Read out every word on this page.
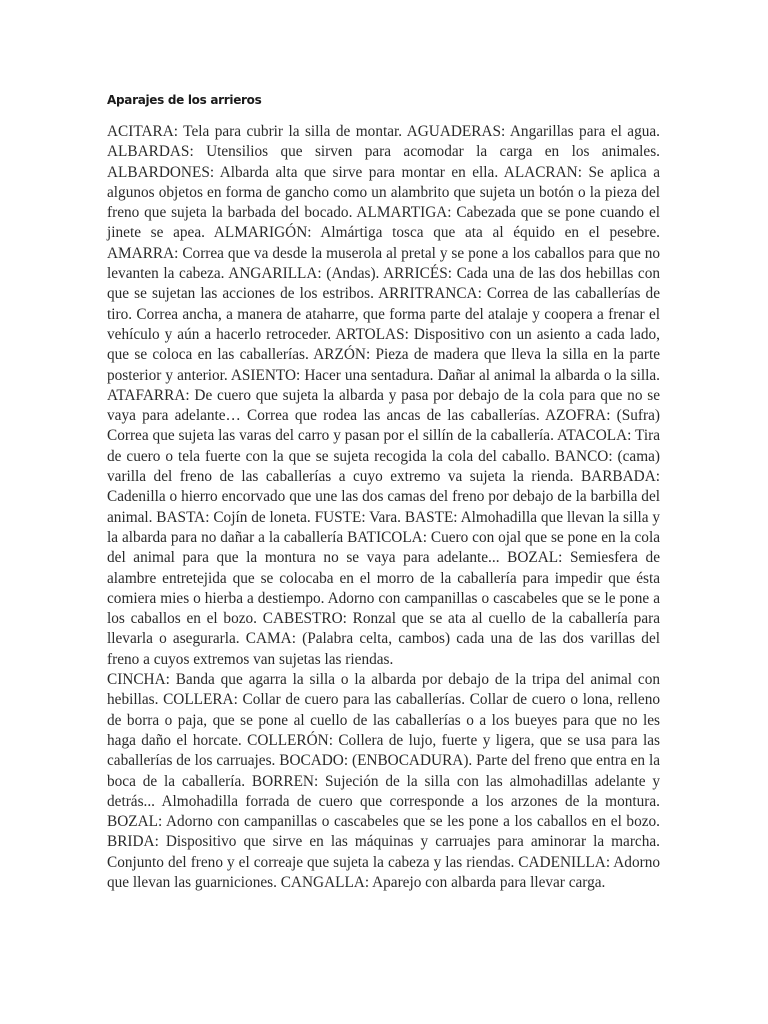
Aparajes de los arrieros

ACITARA: Tela para cubrir la silla de montar. AGUADERAS: Angarillas para el agua. ALBARDAS: Utensilios que sirven para acomodar la carga en los animales. ALBARDONES: Albarda alta que sirve para montar en ella. ALACRAN: Se aplica a algunos objetos en forma de gancho como un alambrito que sujeta un botón o la pieza del freno que sujeta la barbada del bocado. ALMARTIGA: Cabezada que se pone cuando el jinete se apea. ALMARIGÓN: Almártiga tosca que ata al équido en el pesebre. AMARRA: Correa que va desde la muserola al pretal y se pone a los caballos para que no levanten la cabeza. ANGARILLA: (Andas). ARRICÉS: Cada una de las dos hebillas con que se sujetan las acciones de los estribos. ARRITRANCA: Correa de las caballerías de tiro. Correa ancha, a manera de ataharre, que forma parte del atalaje y coopera a frenar el vehículo y aún a hacerlo retroceder. ARTOLAS: Dispositivo con un asiento a cada lado, que se coloca en las caballerías. ARZÓN: Pieza de madera que lleva la silla en la parte posterior y anterior. ASIENTO: Hacer una sentadura. Dañar al animal la albarda o la silla. ATAFARRA: De cuero que sujeta la albarda y pasa por debajo de la cola para que no se vaya para adelante… Correa que rodea las ancas de las caballerías. AZOFRA: (Sufra) Correa que sujeta las varas del carro y pasan por el sillín de la caballería. ATACOLA: Tira de cuero o tela fuerte con la que se sujeta recogida la cola del caballo. BANCO: (cama) varilla del freno de las caballerías a cuyo extremo va sujeta la rienda. BARBADA: Cadenilla o hierro encorvado que une las dos camas del freno por debajo de la barbilla del animal. BASTA: Cojín de loneta. FUSTE: Vara. BASTE: Almohadilla que llevan la silla y la albarda para no dañar a la caballería BATICOLA: Cuero con ojal que se pone en la cola del animal para que la montura no se vaya para adelante... BOZAL: Semiesfera de alambre entretejida que se colocaba en el morro de la caballería para impedir que ésta comiera mies o hierba a destiempo. Adorno con campanillas o cascabeles que se le pone a los caballos en el bozo. CABESTRO: Ronzal que se ata al cuello de la caballería para llevarla o asegurarla. CAMA: (Palabra celta, cambos) cada una de las dos varillas del freno a cuyos extremos van sujetas las riendas.

CINCHA: Banda que agarra la silla o la albarda por debajo de la tripa del animal con hebillas. COLLERA: Collar de cuero para las caballerías. Collar de cuero o lona, relleno de borra o paja, que se pone al cuello de las caballerías o a los bueyes para que no les haga daño el horcate. COLLERÓN: Collera de lujo, fuerte y ligera, que se usa para las caballerías de los carruajes. BOCADO: (ENBOCADURA). Parte del freno que entra en la boca de la caballería. BORREN: Sujeción de la silla con las almohadillas adelante y detrás... Almohadilla forrada de cuero que corresponde a los arzones de la montura. BOZAL: Adorno con campanillas o cascabeles que se les pone a los caballos en el bozo. BRIDA: Dispositivo que sirve en las máquinas y carruajes para aminorar la marcha. Conjunto del freno y el correaje que sujeta la cabeza y las riendas. CADENILLA: Adorno que llevan las guarniciones. CANGALLA: Aparejo con albarda para llevar carga.
